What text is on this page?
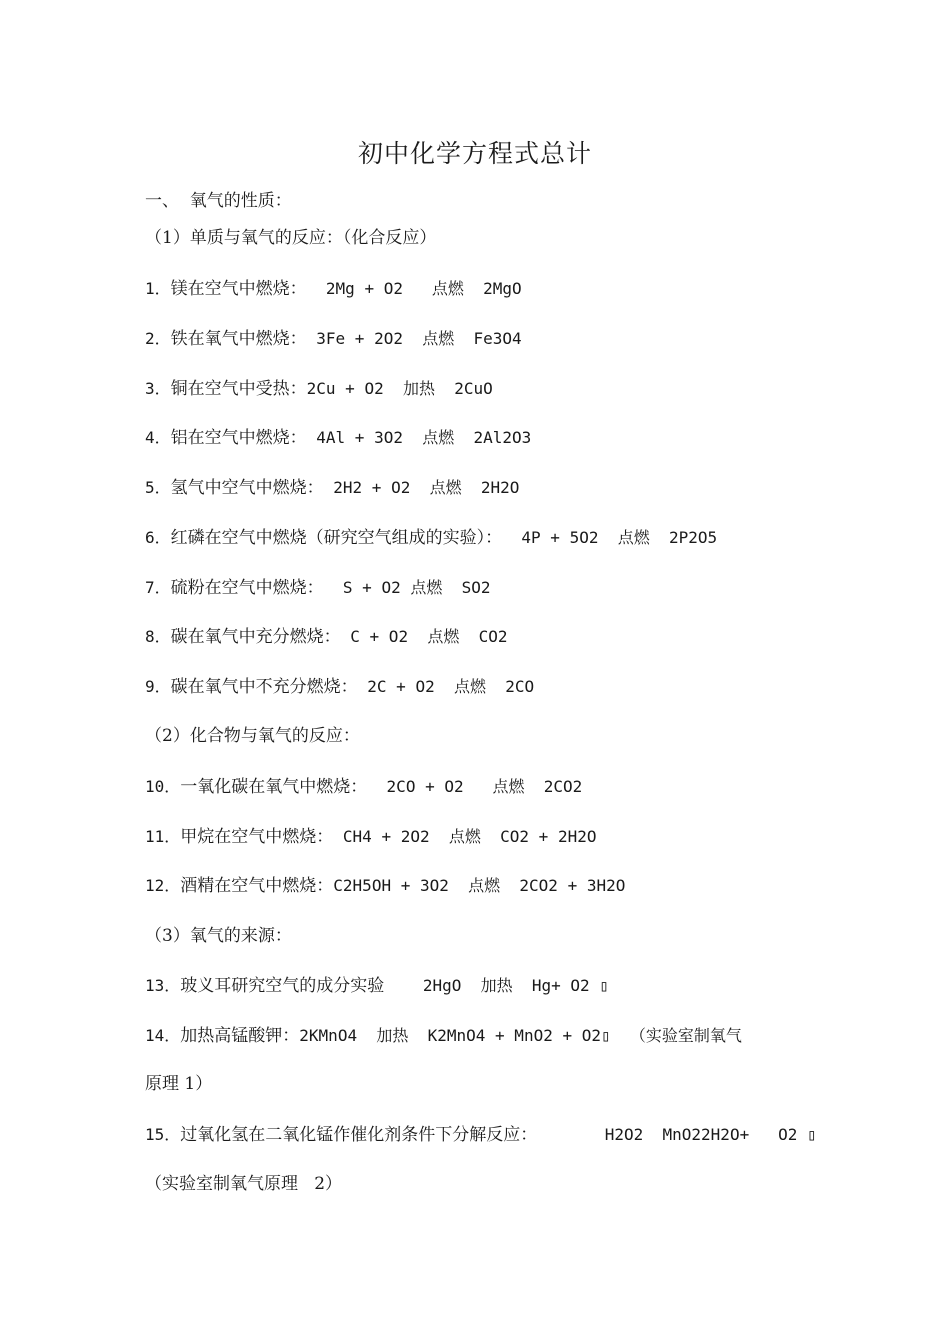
初中化学方程式总计
一、  氧气的性质：
（1）单质与氧气的反应：（化合反应）
1．镁在空气中燃烧：  2Mg + O2   点燃  2MgO
2．铁在氧气中燃烧： 3Fe + 2O2  点燃  Fe3O4
3．铜在空气中受热：2Cu + O2  加热  2CuO
4．铝在空气中燃烧： 4Al + 3O2  点燃  2Al2O3
5．氢气中空气中燃烧： 2H2 + O2  点燃  2H2O
6．红磷在空气中燃烧（研究空气组成的实验）：  4P + 5O2  点燃  2P2O5
7．硫粉在空气中燃烧：  S + O2 点燃  SO2
8．碳在氧气中充分燃烧： C + O2  点燃  CO2
9．碳在氧气中不充分燃烧： 2C + O2  点燃  2CO
（2）化合物与氧气的反应：
10．一氧化碳在氧气中燃烧：  2CO + O2   点燃  2CO2
11．甲烷在空气中燃烧： CH4 + 2O2  点燃  CO2 + 2H2O
12．酒精在空气中燃烧：C2H5OH + 3O2  点燃  2CO2 + 3H2O
（3）氧气的来源：
13．玻义耳研究空气的成分实验    2HgO  加热  Hg+ O2 ▯
14．加热高锰酸钾：2KMnO4  加热  K2MnO4 + MnO2 + O2▯  （实验室制氧气
原理 1）
15．过氧化氢在二氧化锰作催化剂条件下分解反应：       H2O2  MnO22H2O+   O2 ▯
（实验室制氧气原理   2）
